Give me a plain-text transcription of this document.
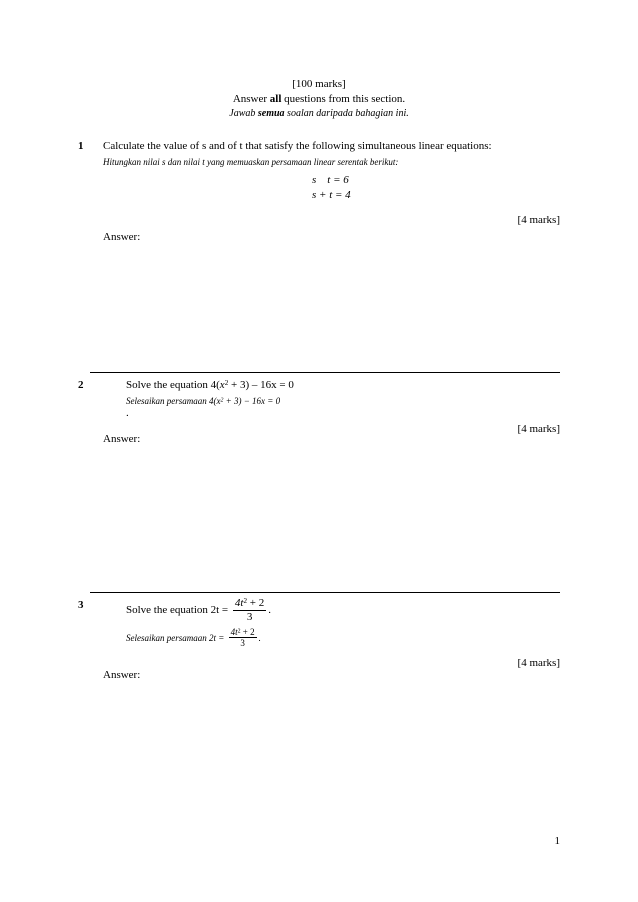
[100 marks]
Answer all questions from this section.
Jawab semua soalan daripada bahagian ini.
1 Calculate the value of s and of t that satisfy the following simultaneous linear equations:
Hitungkan nilai s dan nilai t yang memuaskan persamaan linear serentak berikut:
s    t = 6
s + t = 4
[4 marks]
Answer:
2	Solve the equation $4(x^2 + 3) - 16x = 0$
Selesaikan persamaan $4(x^2 + 3) - 16x = 0$
.
[4 marks]
Answer:
3	Solve the equation $2t = \frac{4t^2 + 2}{3}$ .
Selesaikan persamaan $2t = \frac{4t^2 + 2}{3}$ .
[4 marks]
Answer:
1
